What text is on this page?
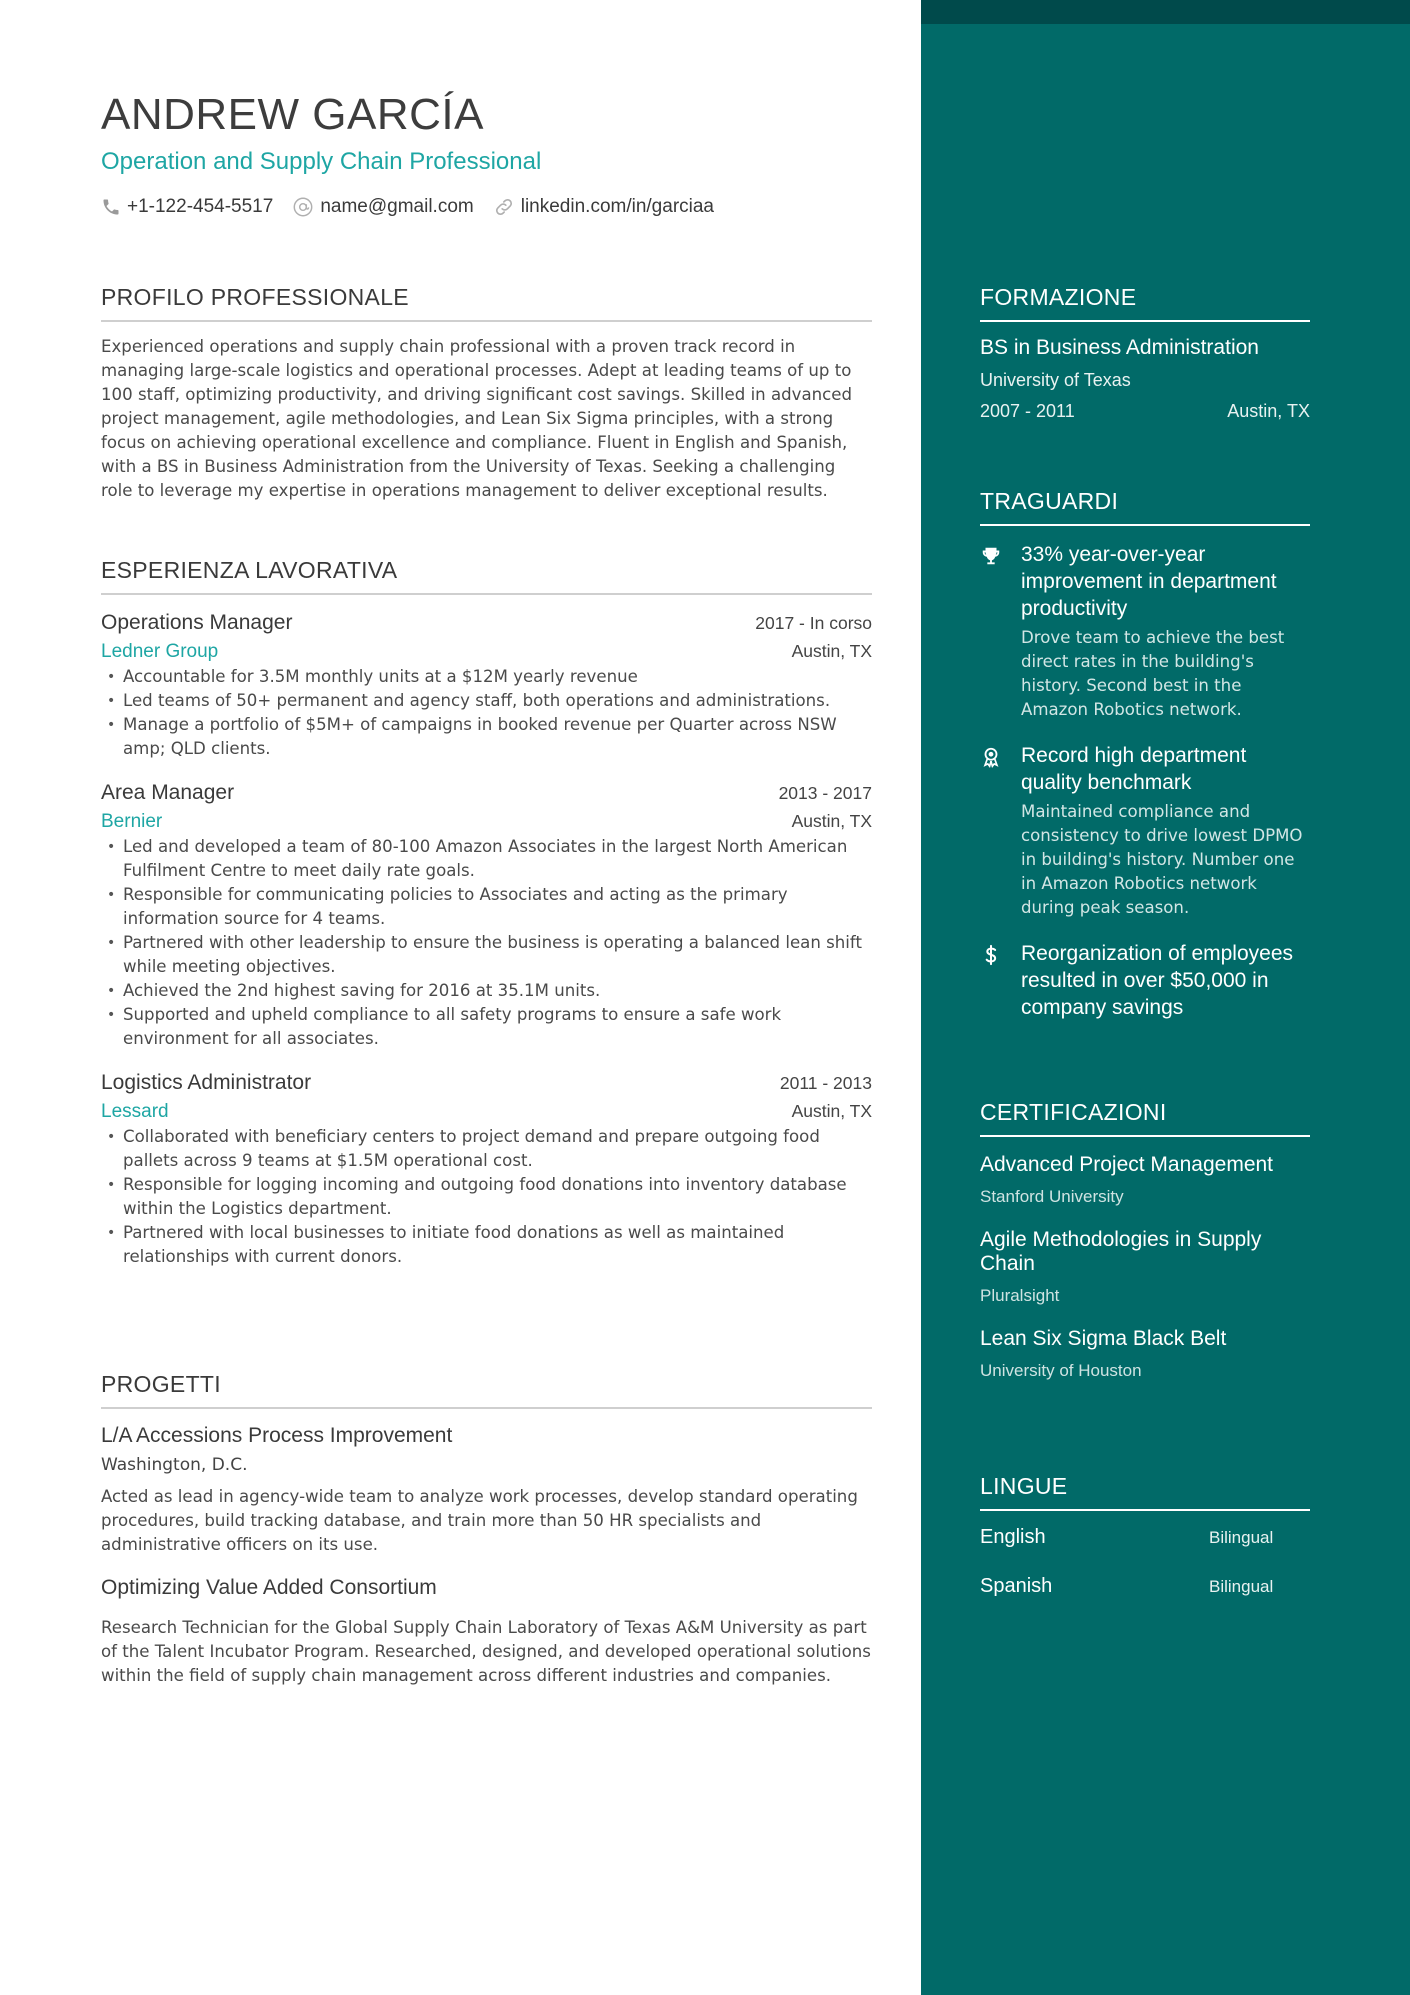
ANDREW GARCÍA
Operation and Supply Chain Professional
+1-122-454-5517 name@gmail.com linkedin.com/in/garciaa
PROFILO PROFESSIONALE

Experienced operations and supply chain professional with a proven track record in managing large-scale logistics and operational processes. Adept at leading teams of up to 100 staff, optimizing productivity, and driving significant cost savings. Skilled in advanced project management, agile methodologies, and Lean Six Sigma principles, with a strong focus on achieving operational excellence and compliance. Fluent in English and Spanish, with a BS in Business Administration from the University of Texas. Seeking a challenging role to leverage my expertise in operations management to deliver exceptional results.

ESPERIENZA LAVORATIVA
Operations Manager	2017 - In corso
Ledner Group	Austin, TX
• Accountable for 3.5M monthly units at a $12M yearly revenue
• Led teams of 50+ permanent and agency staff, both operations and administrations.
• Manage a portfolio of $5M+ of campaigns in booked revenue per Quarter across NSW amp; QLD clients.
Area Manager	2013 - 2017
Bernier	Austin, TX
• Led and developed a team of 80-100 Amazon Associates in the largest North American Fulfilment Centre to meet daily rate goals.
• Responsible for communicating policies to Associates and acting as the primary information source for 4 teams.
• Partnered with other leadership to ensure the business is operating a balanced lean shift while meeting objectives.
• Achieved the 2nd highest saving for 2016 at 35.1M units.
• Supported and upheld compliance to all safety programs to ensure a safe work environment for all associates.
Logistics Administrator	2011 - 2013
Lessard	Austin, TX
• Collaborated with beneficiary centers to project demand and prepare outgoing food pallets across 9 teams at $1.5M operational cost.
• Responsible for logging incoming and outgoing food donations into inventory database within the Logistics department.
• Partnered with local businesses to initiate food donations as well as maintained relationships with current donors.
PROGETTI
L/A Accessions Process Improvement
Washington, D.C.

Acted as lead in agency-wide team to analyze work processes, develop standard operating procedures, build tracking database, and train more than 50 HR specialists and administrative officers on its use.

Optimizing Value Added Consortium

Research Technician for the Global Supply Chain Laboratory of Texas A&M University as part of the Talent Incubator Program. Researched, designed, and developed operational solutions within the field of supply chain management across different industries and companies.

FORMAZIONE
BS in Business Administration
University of Texas
2007 - 2011	Austin, TX
TRAGUARDI
33% year-over-year improvement in department productivity
Drove team to achieve the best direct rates in the building's history. Second best in the Amazon Robotics network.
Record high department quality benchmark
Maintained compliance and consistency to drive lowest DPMO in building's history. Number one in Amazon Robotics network during peak season.
Reorganization of employees resulted in over $50,000 in company savings
CERTIFICAZIONI
Advanced Project Management
Stanford University
Agile Methodologies in Supply Chain
Pluralsight
Lean Six Sigma Black Belt
University of Houston
LINGUE
English	Bilingual
Spanish	Bilingual
